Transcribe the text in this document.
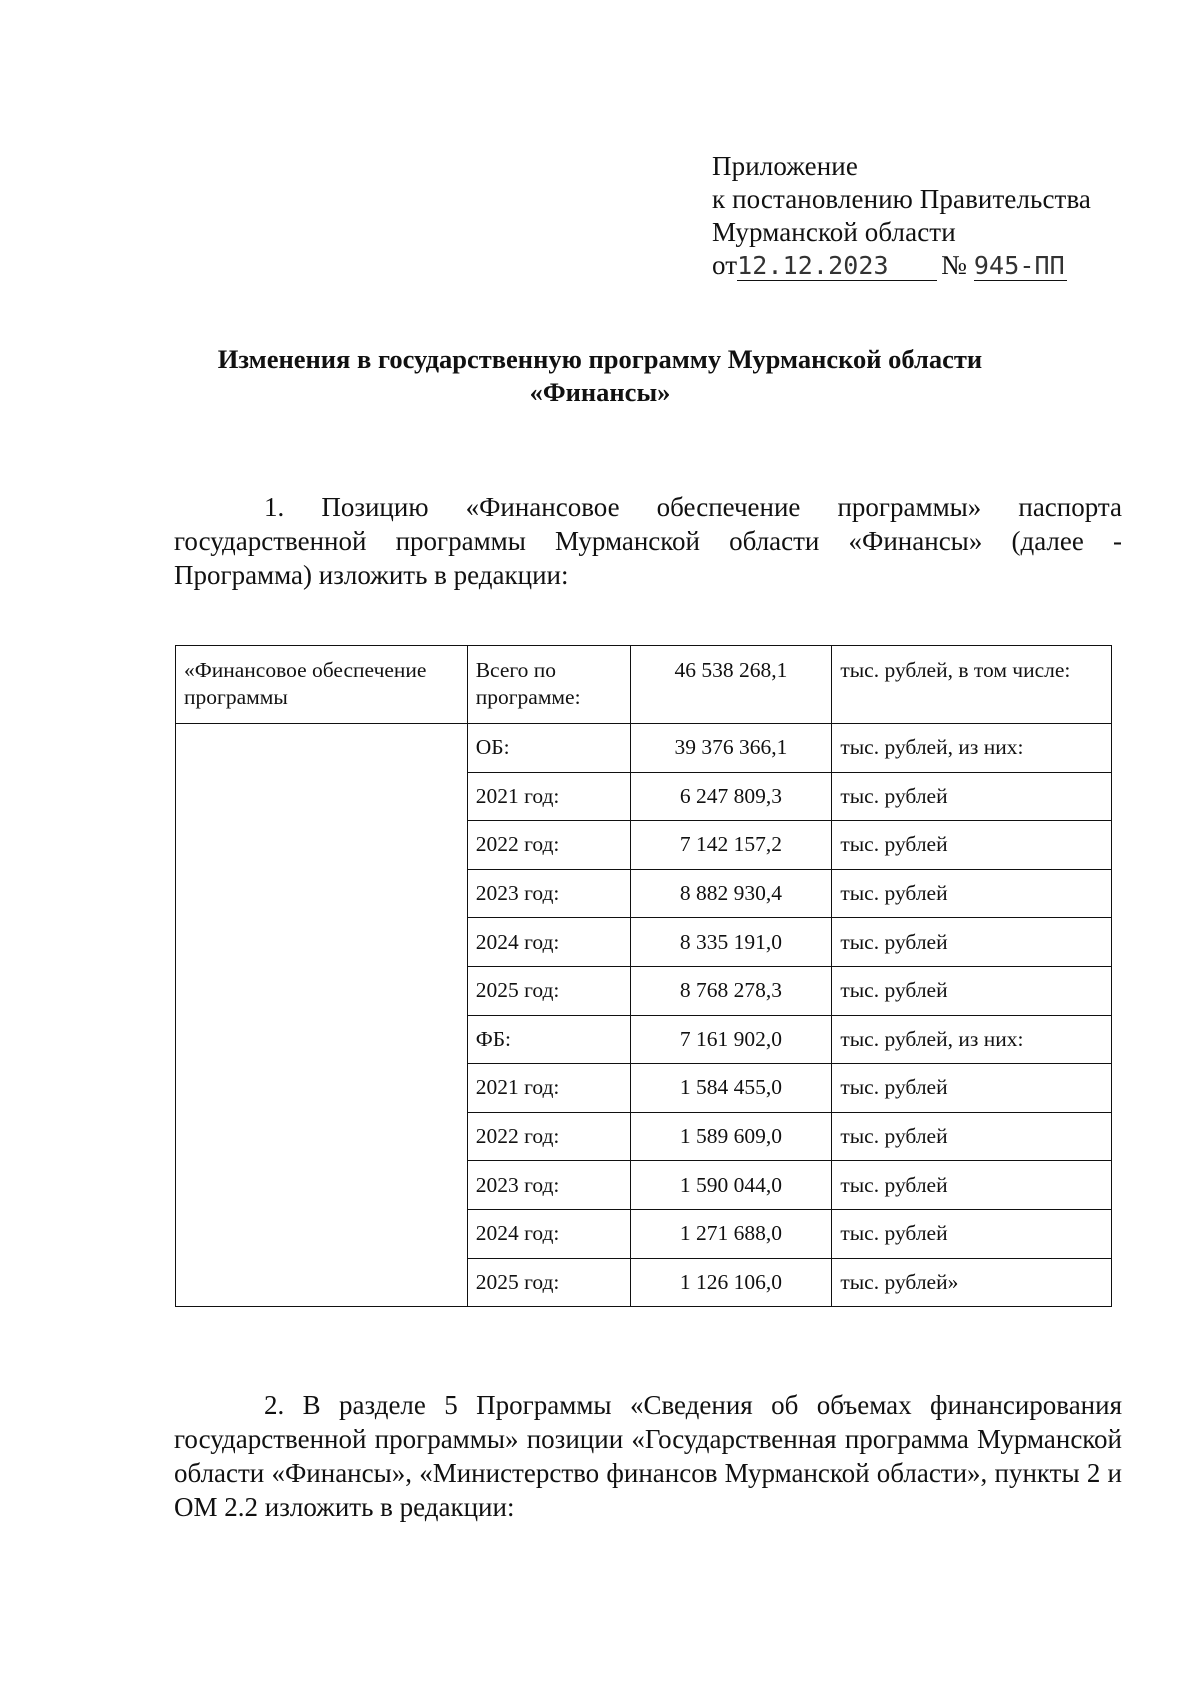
Приложение
к постановлению Правительства
Мурманской области
от12.12.2023 № 945-ПП
Изменения в государственную программу Мурманской области
«Финансы»
1. Позицию «Финансовое обеспечение программы» паспорта государственной программы Мурманской области «Финансы» (далее - Программа) изложить в редакции:
«Финансовое обеспечение программы	Всего по программе:	46 538 268,1	тыс. рублей, в том числе:
	ОБ:	39 376 366,1	тыс. рублей, из них:
	2021 год:	6 247 809,3	тыс. рублей
	2022 год:	7 142 157,2	тыс. рублей
	2023 год:	8 882 930,4	тыс. рублей
	2024 год:	8 335 191,0	тыс. рублей
	2025 год:	8 768 278,3	тыс. рублей
	ФБ:	7 161 902,0	тыс. рублей, из них:
	2021 год:	1 584 455,0	тыс. рублей
	2022 год:	1 589 609,0	тыс. рублей
	2023 год:	1 590 044,0	тыс. рублей
	2024 год:	1 271 688,0	тыс. рублей
	2025 год:	1 126 106,0	тыс. рублей»
2. В разделе 5 Программы «Сведения об объемах финансирования государственной программы» позиции «Государственная программа Мурманской области «Финансы», «Министерство финансов Мурманской области», пункты 2 и ОМ 2.2 изложить в редакции:
